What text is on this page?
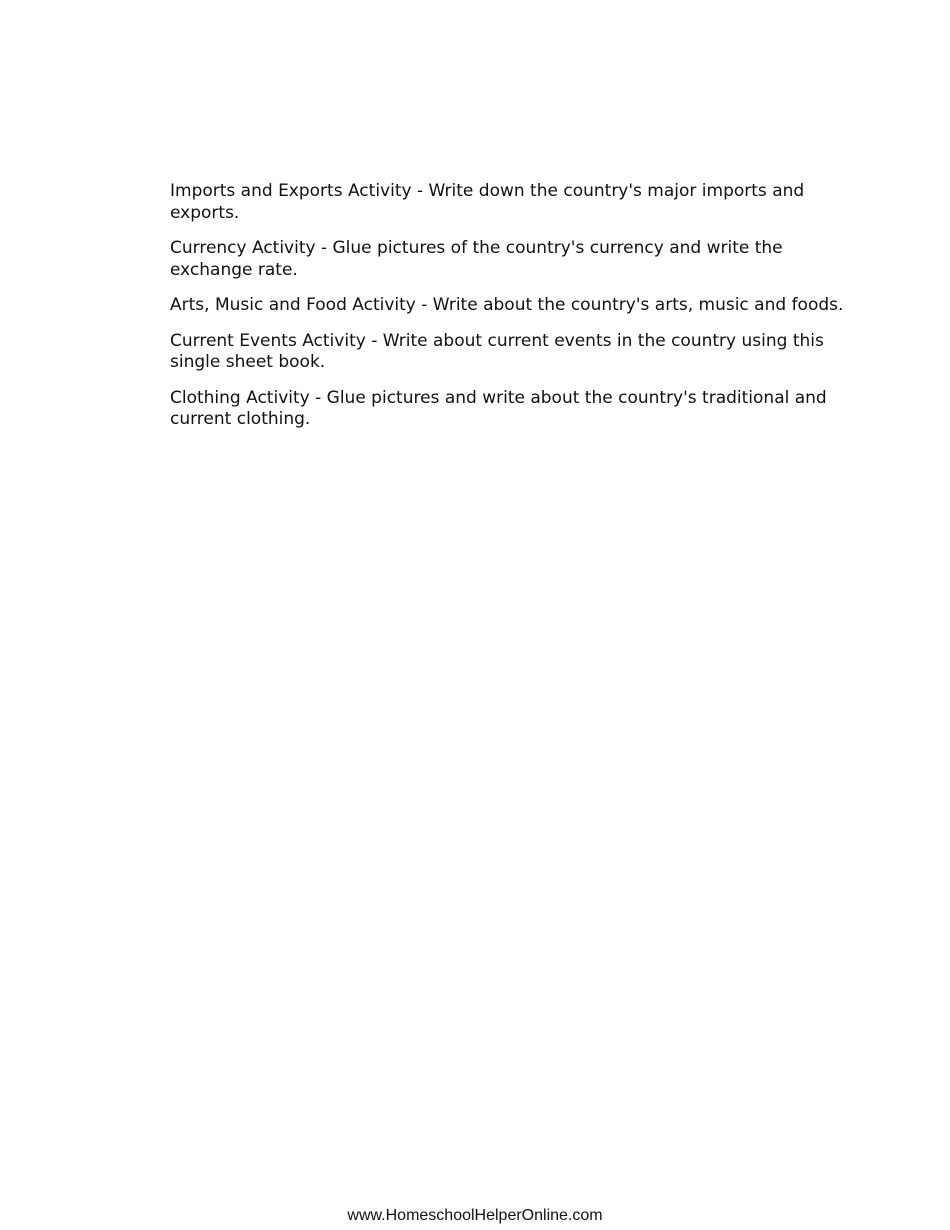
Imports and Exports Activity - Write down the country's major imports and exports.

Currency Activity - Glue pictures of the country's currency and write the exchange rate.

Arts, Music and Food Activity - Write about the country's arts, music and foods.

Current Events Activity - Write about current events in the country using this single sheet book.

Clothing Activity - Glue pictures and write about the country's traditional and current clothing.

www.HomeschoolHelperOnline.com
